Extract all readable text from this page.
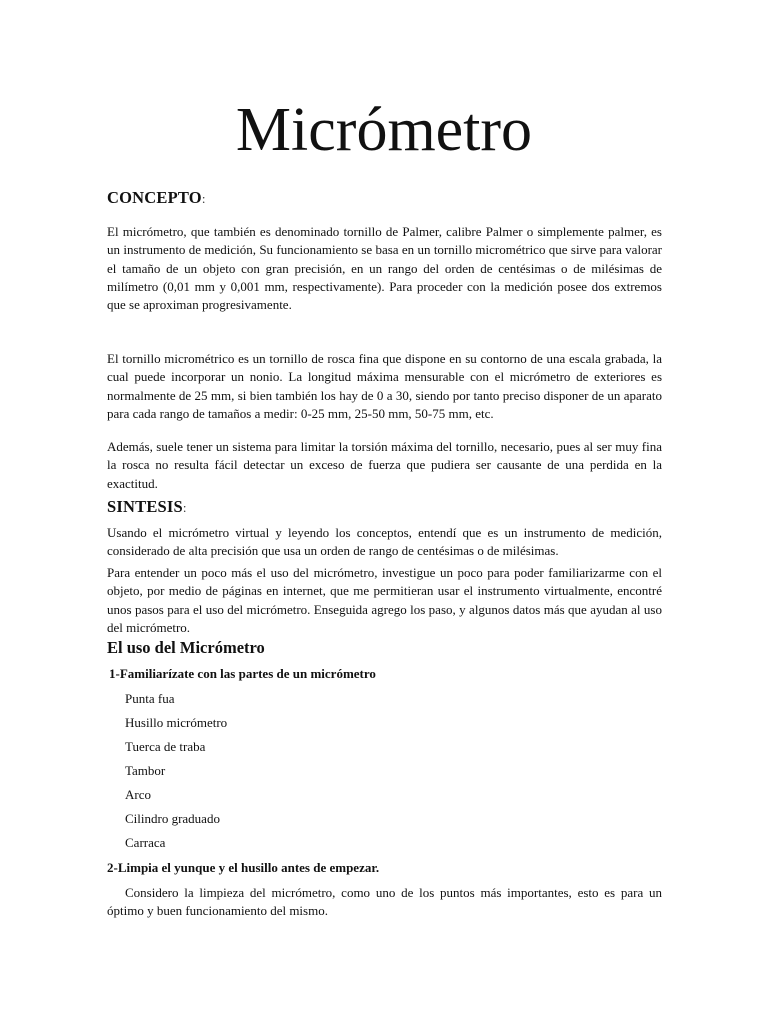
Micrómetro
CONCEPTO:
El micrómetro, que también es denominado tornillo de Palmer, calibre Palmer o simplemente palmer, es un instrumento de medición, Su funcionamiento se basa en un tornillo micrométrico que sirve para valorar el tamaño de un objeto con gran precisión, en un rango del orden de centésimas o de milésimas de milímetro (0,01 mm y 0,001 mm, respectivamente). Para proceder con la medición posee dos extremos que se aproximan progresivamente.
El tornillo micrométrico es un tornillo de rosca fina que dispone en su contorno de una escala grabada, la cual puede incorporar un nonio. La longitud máxima mensurable con el micrómetro de exteriores es normalmente de 25 mm, si bien también los hay de 0 a 30, siendo por tanto preciso disponer de un aparato para cada rango de tamaños a medir: 0-25 mm, 25-50 mm, 50-75 mm, etc.
Además, suele tener un sistema para limitar la torsión máxima del tornillo, necesario, pues al ser muy fina la rosca no resulta fácil detectar un exceso de fuerza que pudiera ser causante de una perdida en la exactitud.
SINTESIS:
Usando el micrómetro virtual y leyendo los conceptos, entendí que es un instrumento de medición, considerado de alta precisión que usa un orden de rango de centésimas o de milésimas.
Para entender un poco más el uso del micrómetro, investigue un poco para poder familiarizarme con el objeto, por medio de páginas en internet, que me permitieran usar el instrumento virtualmente, encontré unos pasos para el uso del micrómetro. Enseguida agrego los paso, y algunos datos más que ayudan al uso del micrómetro.
El uso del Micrómetro
1-Familiarízate con las partes de un micrómetro
Punta fua
Husillo micrómetro
Tuerca de traba
Tambor
Arco
Cilindro graduado
Carraca
2-Limpia el yunque y el husillo antes de empezar.
Considero la limpieza del micrómetro, como uno de los puntos más importantes, esto es para un óptimo y buen funcionamiento del mismo.
